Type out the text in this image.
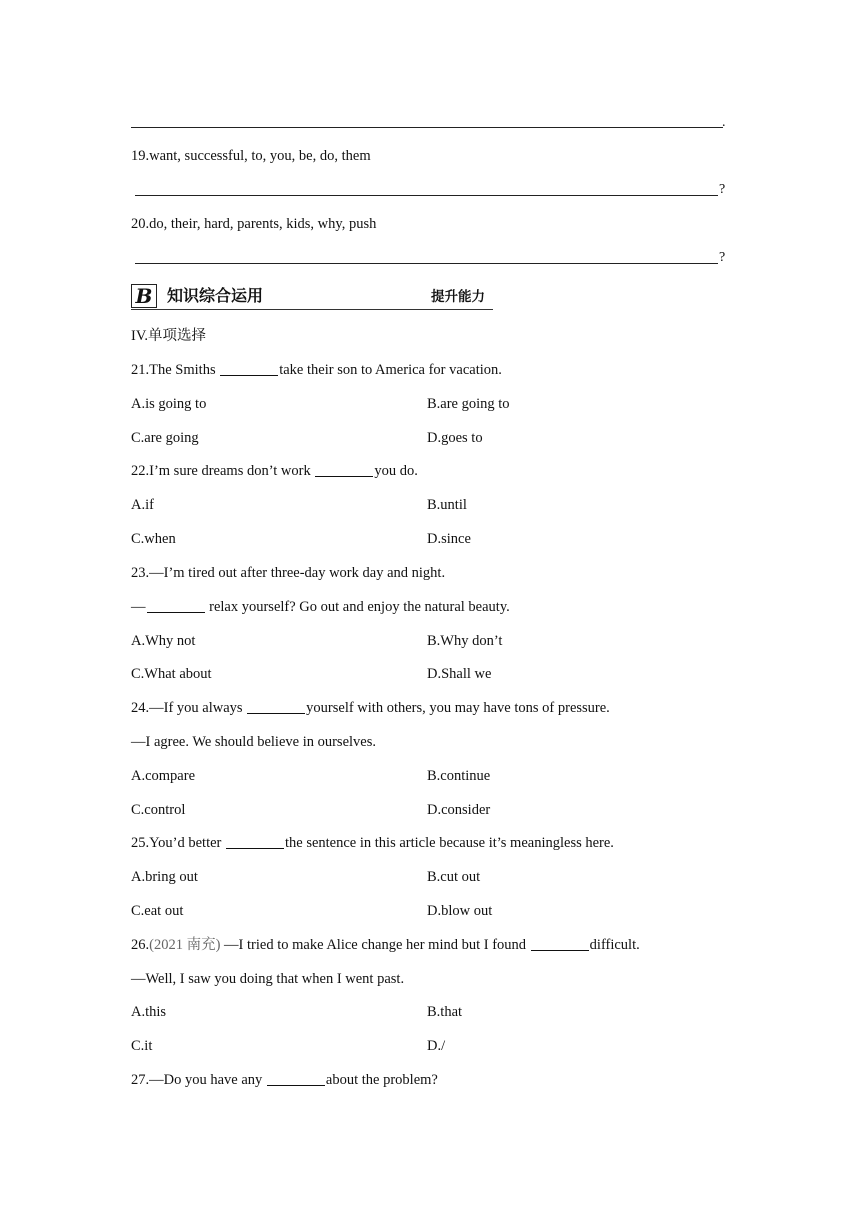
.
19.want, successful, to, you, be, do, them
?
20.do, their, hard, parents, kids, why, push
?
B 知识综合运用	提升能力
IV.单项选择
21.The Smiths	take their son to America for vacation.
A.is going to	B.are going to
C.are going	D.goes to
22.I’m sure dreams don’t work	you do.
A.if	B.until
C.when	D.since
23.—I’m tired out after three-day work day and night.
—	relax yourself? Go out and enjoy the natural beauty.
A.Why not	B.Why don’t
C.What about	D.Shall we
24.—If you always	yourself with others, you may have tons of pressure.
—I agree. We should believe in ourselves.
A.compare	B.continue
C.control	D.consider
25.You’d better	the sentence in this article because it’s meaningless here.
A.bring out	B.cut out
C.eat out	D.blow out
26.(2021 南充) —I tried to make Alice change her mind but I found	difficult.
—Well, I saw you doing that when I went past.
A.this	B.that
C.it	D./
27.—Do you have any	about the problem?
